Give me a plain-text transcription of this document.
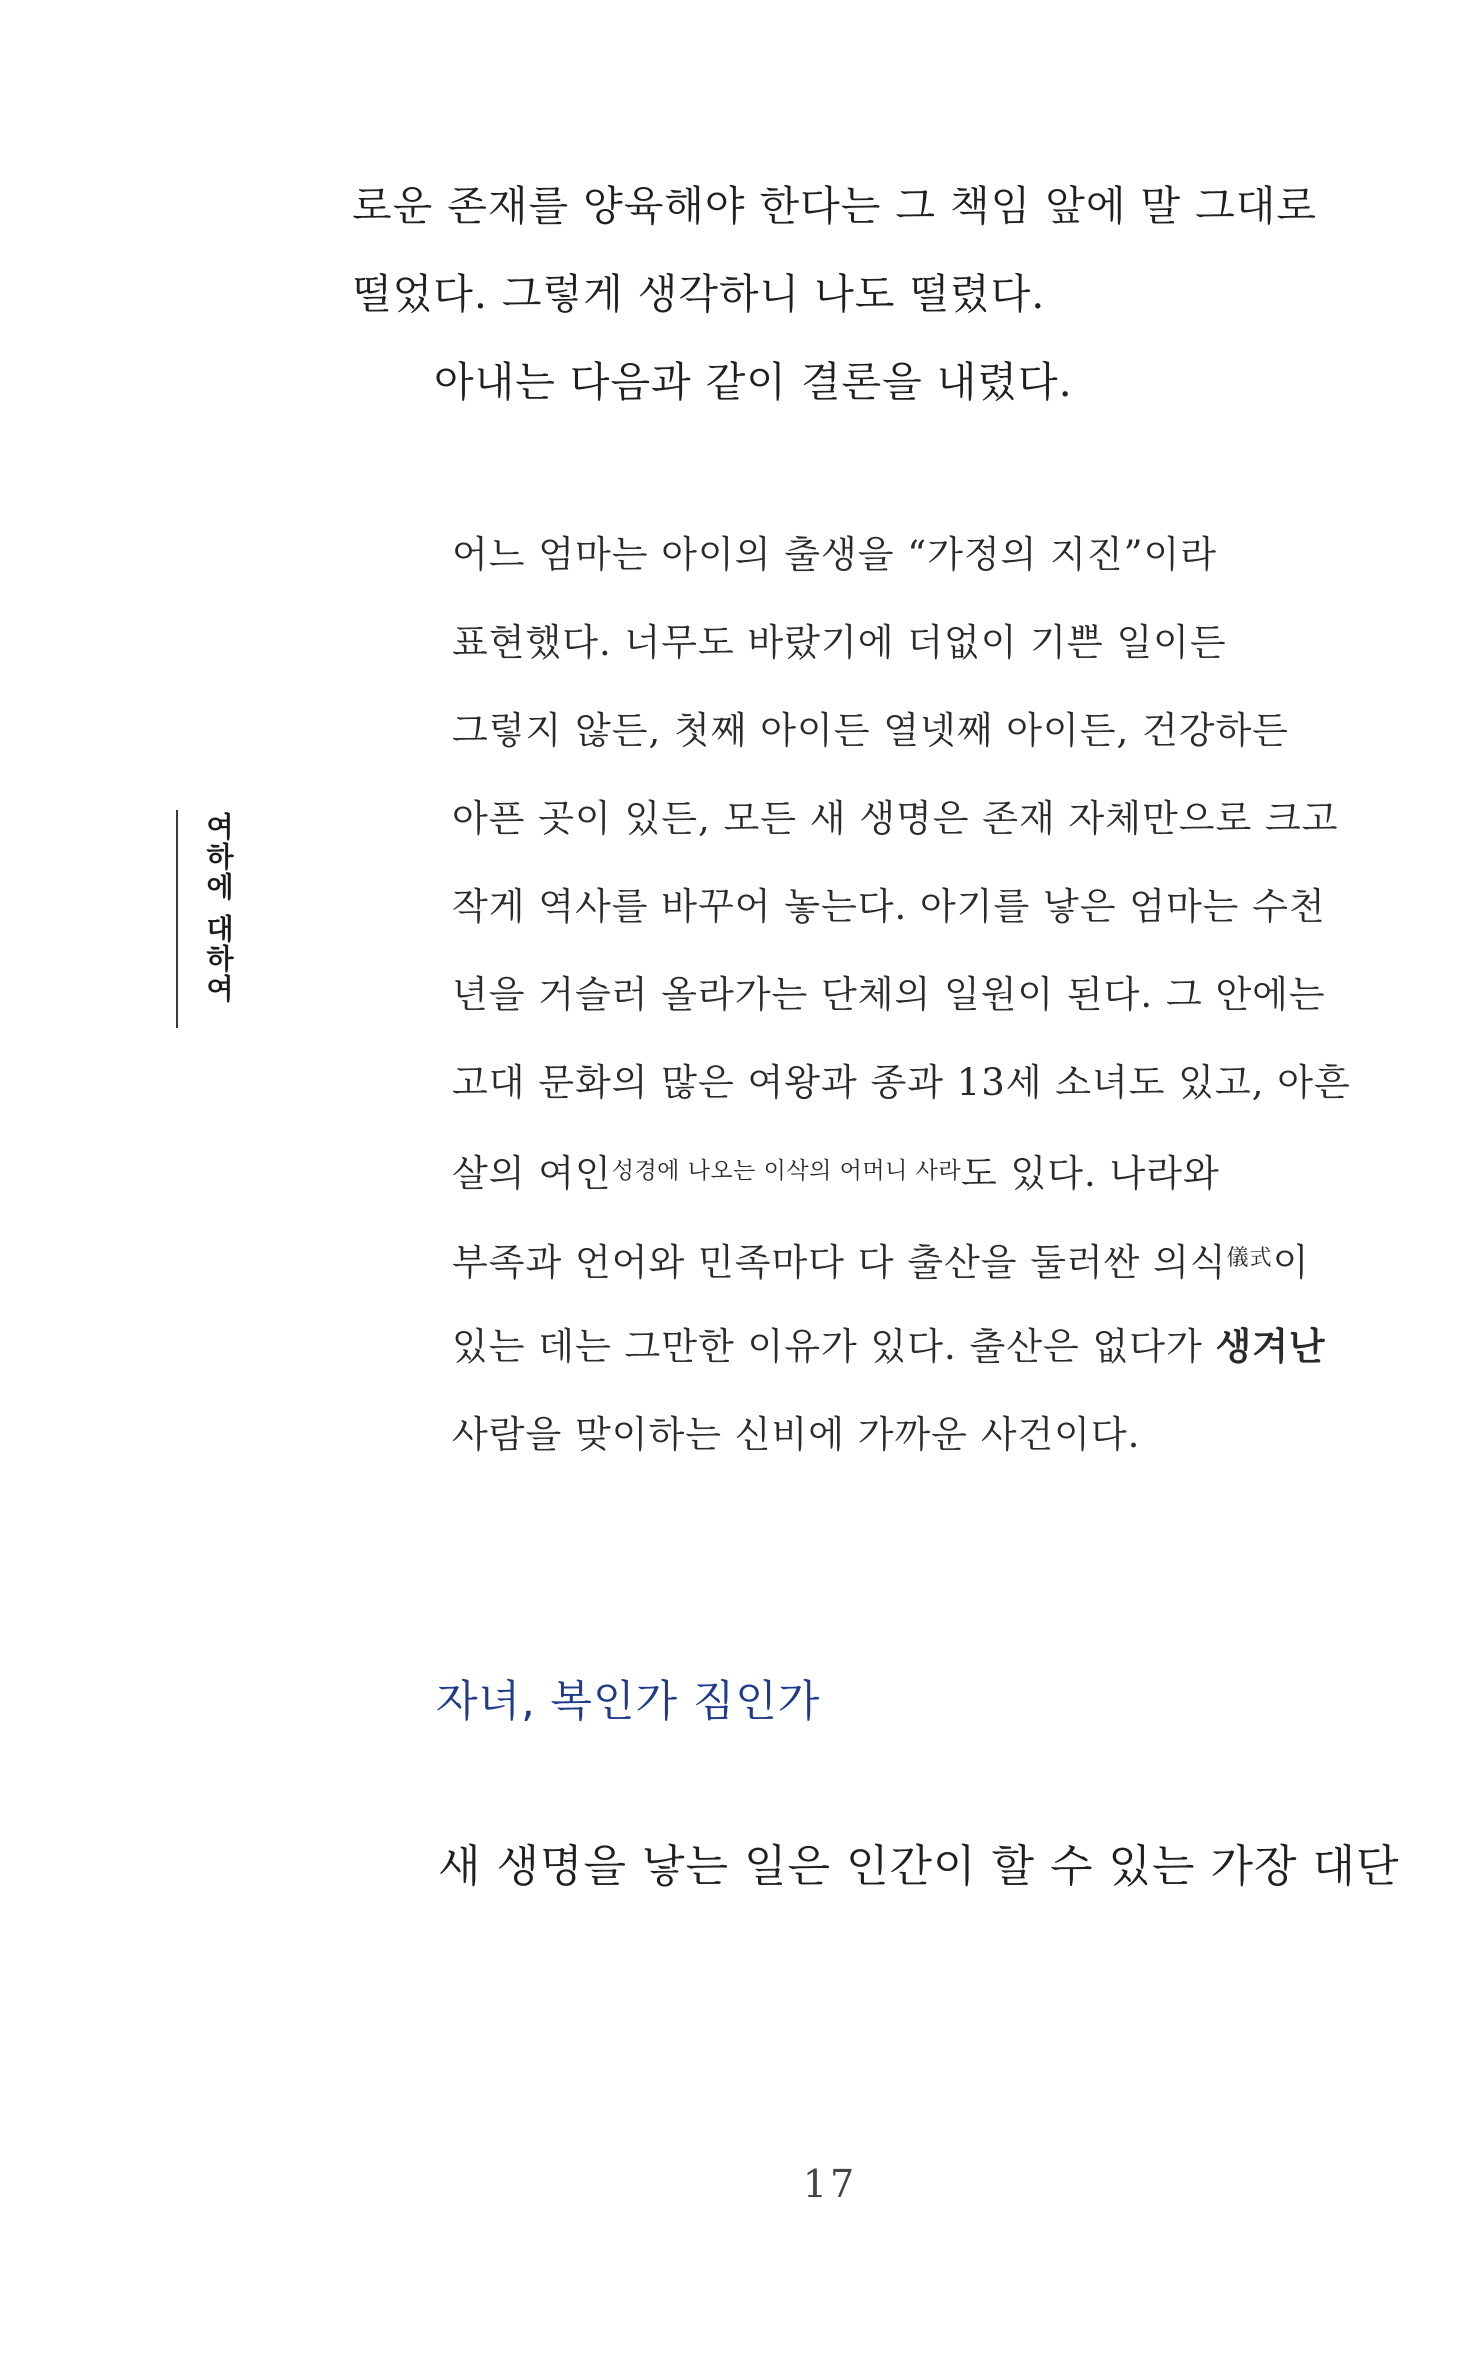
로운 존재를 양육해야 한다는 그 책임 앞에 말 그대로
떨었다. 그렇게 생각하니 나도 떨렸다.
아내는 다음과 같이 결론을 내렸다.
여하에 대하여
어느 엄마는 아이의 출생을 “가정의 지진”이라
표현했다. 너무도 바랐기에 더없이 기쁜 일이든
그렇지 않든, 첫째 아이든 열넷째 아이든, 건강하든
아픈 곳이 있든, 모든 새 생명은 존재 자체만으로 크고
작게 역사를 바꾸어 놓는다. 아기를 낳은 엄마는 수천
년을 거슬러 올라가는 단체의 일원이 된다. 그 안에는
고대 문화의 많은 여왕과 종과 13세 소녀도 있고, 아흔
살의 여인$^{성경에 나오는 이삭의 어머니 사라}$도 있다. 나라와
부족과 언어와 민족마다 다 출산을 둘러싼 의식$^{儀式}$이
있는 데는 그만한 이유가 있다. 출산은 없다가 생겨난
사람을 맞이하는 신비에 가까운 사건이다.
자녀, 복인가 짐인가
새 생명을 낳는 일은 인간이 할 수 있는 가장 대단
17
